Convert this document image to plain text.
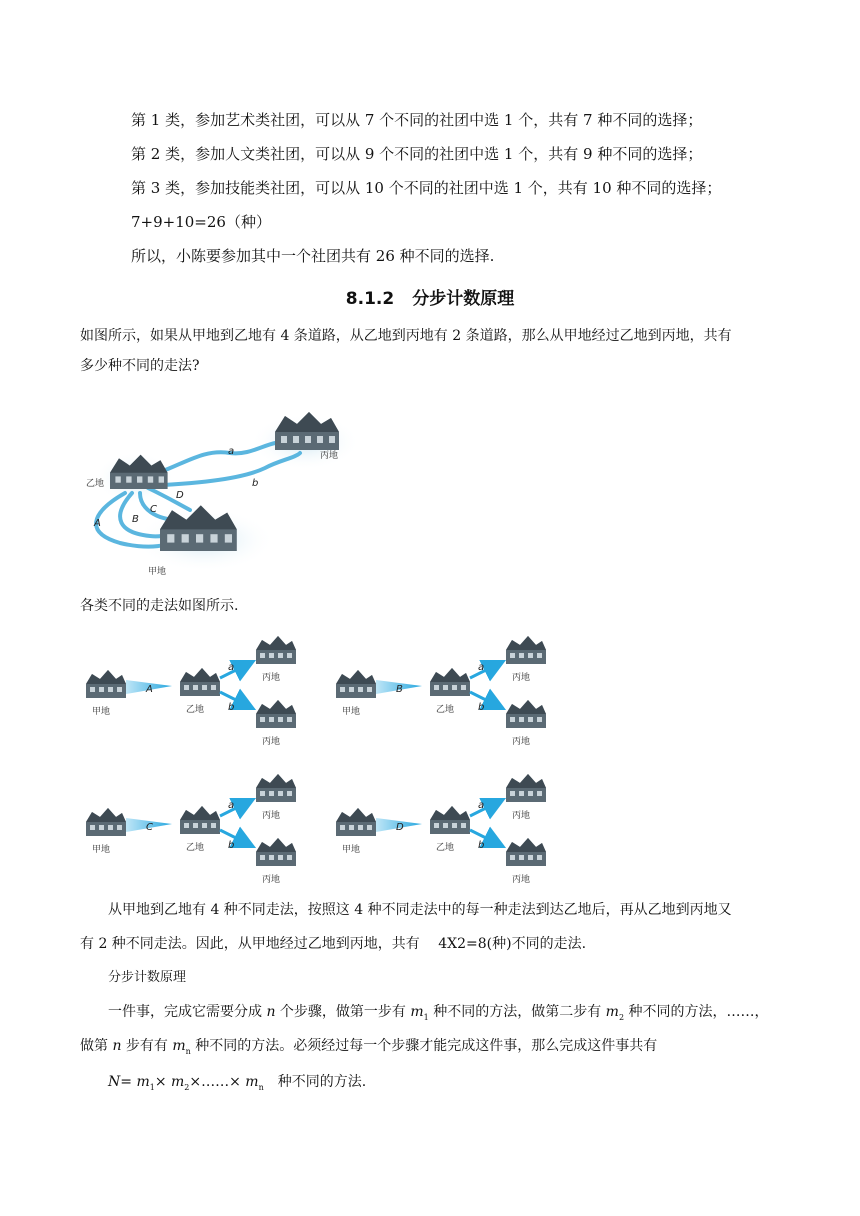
第 1 类，参加艺术类社团，可以从 7 个不同的社团中选 1 个，共有 7 种不同的选择；
第 2 类，参加人文类社团，可以从 9 个不同的社团中选 1 个，共有 9 种不同的选择；
第 3 类，参加技能类社团，可以从 10 个不同的社团中选 1 个，共有 10 种不同的选择；
7+9+10=26（种）
所以，小陈要参加其中一个社团共有 26 种不同的选择.
8.1.2 分步计数原理
如图所示，如果从甲地到乙地有 4 条道路，从乙地到丙地有 2 条道路，那么从甲地经过乙地到丙地，共有
多少种不同的走法?
a
b
A	B
C
D
乙地
丙地
甲地
各类不同的走法如图所示.
A
a
b
甲地	乙地
丙地
丙地
B
a
b
甲地	乙地
丙地
丙地
C
a
b
甲地	乙地
丙地
丙地
D
a
b
甲地	乙地
丙地
丙地
从甲地到乙地有 4 种不同走法，按照这 4 种不同走法中的每一种走法到达乙地后，再从乙地到丙地又
有 2 种不同走法。因此，从甲地经过乙地到丙地，共有　 4X2=8(种)不同的走法.
分步计数原理
一件事，完成它需要分成 n 个步骤，做第一步有 $m_1$ 种不同的方法，做第二步有 $m_2$ 种不同的方法，……，
做第 n 步有有 $m_n$ 种不同的方法。必须经过每一个步骤才能完成这件事，那么完成这件事共有
$N= m_1\times$ $m_2\times\dots\dots\times m_n$　种不同的方法.
